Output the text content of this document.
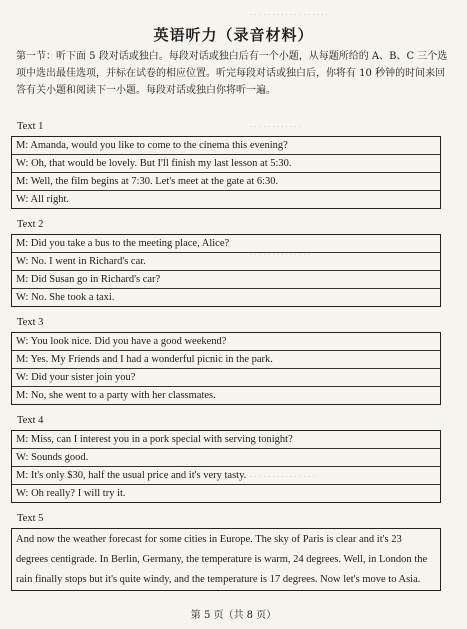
. . . . . . . . . . . . . . . . . .
. . . . . . . . . . . .
. . . . . . . . . . . . . .
. . . . . . . . . . . .
. . . . . . . . . . . . . . .
英语听力（录音材料）
第一节：听下面 5 段对话或独白。每段对话或独白后有一个小题，从每题所给的 A、B、C 三个选项中选出最佳选项，并标在试卷的相应位置。听完每段对话或独白后，你将有 10 秒钟的时间来回答有关小题和阅读下一小题。每段对话或独白你将听一遍。
Text 1
M: Amanda, would you like to come to the cinema this evening?
W: Oh, that would be lovely. But I'll finish my last lesson at 5:30.
M: Well, the film begins at 7:30. Let's meet at the gate at 6:30.
W: All right.
Text 2
M: Did you take a bus to the meeting place, Alice?
W: No. I went in Richard's car.
M: Did Susan go in Richard's car?
W: No. She took a taxi.
Text 3
W: You look nice. Did you have a good weekend?
M: Yes. My Friends and I had a wonderful picnic in the park.
W: Did your sister join you?
M: No, she went to a party with her classmates.
Text 4
M: Miss, can I interest you in a pork special with serving tonight?
W: Sounds good.
M: It's only $30, half the usual price and it's very tasty.
W: Oh really? I will try it.
Text 5
And now the weather forecast for some cities in Europe. The sky of Paris is clear and it's 23 degrees centigrade. In Berlin, Germany, the temperature is warm, 24 degrees. Well, in London the rain finally stops but it's quite windy, and the temperature is 17 degrees. Now let's move to Asia.
第 5 页（共 8 页）
